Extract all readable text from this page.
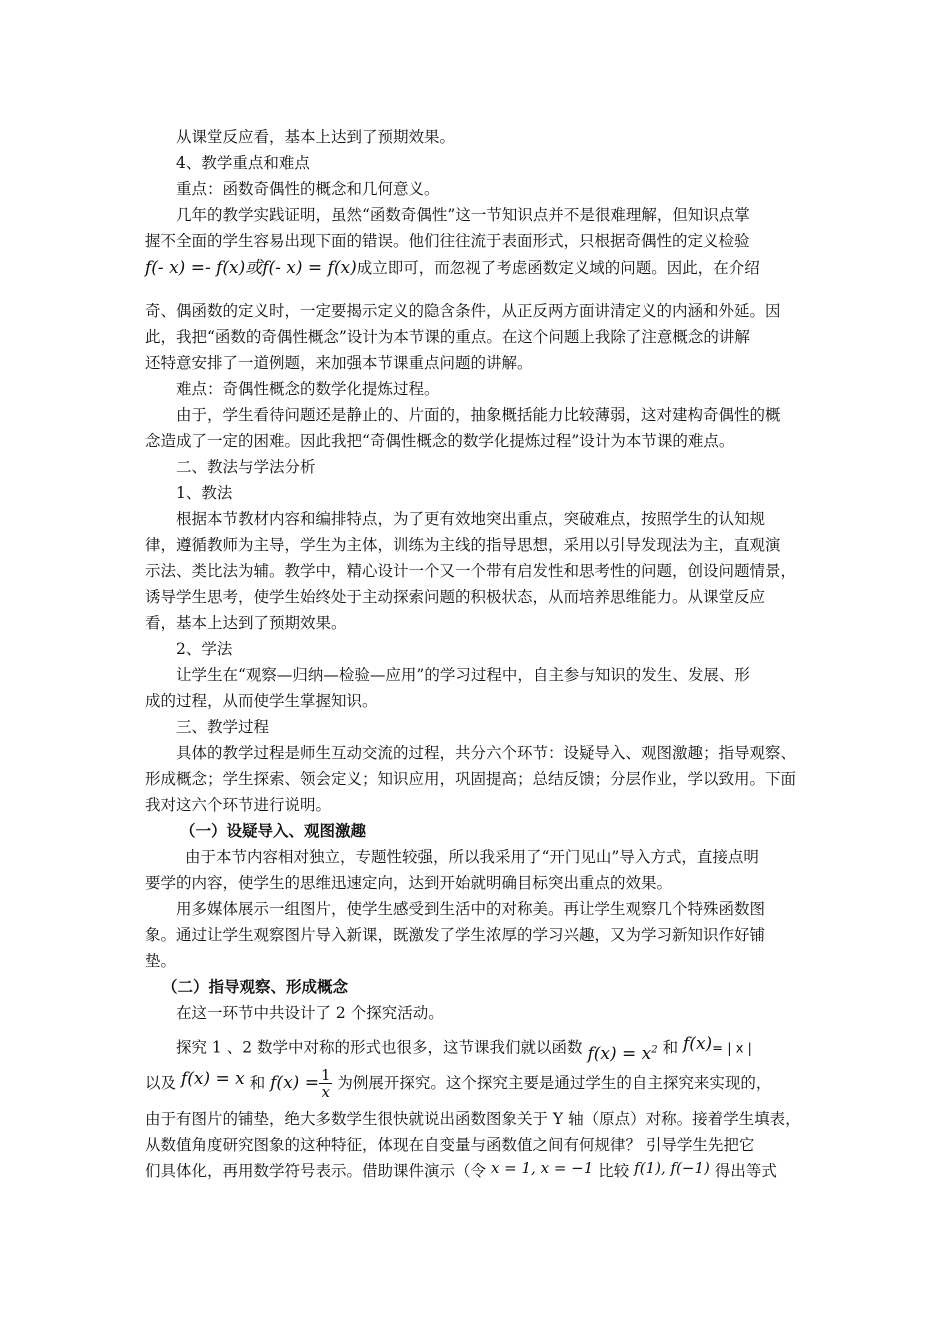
从课堂反应看，基本上达到了预期效果。

4、教学重点和难点

重点：函数奇偶性的概念和几何意义。

几年的教学实践证明，虽然“函数奇偶性”这一节知识点并不是很难理解，但知识点掌

握不全面的学生容易出现下面的错误。他们往往流于表面形式，只根据奇偶性的定义检验

f(- x) =- f(x)或f(- x) = f(x)成立即可，而忽视了考虑函数定义域的问题。因此，在介绍

奇、偶函数的定义时，一定要揭示定义的隐含条件，从正反两方面讲清定义的内涵和外延。因

此，我把“函数的奇偶性概念”设计为本节课的重点。在这个问题上我除了注意概念的讲解

还特意安排了一道例题，来加强本节课重点问题的讲解。

难点：奇偶性概念的数学化提炼过程。

由于，学生看待问题还是静止的、片面的，抽象概括能力比较薄弱，这对建构奇偶性的概

念造成了一定的困难。因此我把“奇偶性概念的数学化提炼过程”设计为本节课的难点。

二、教法与学法分析

1、教法

根据本节教材内容和编排特点，为了更有效地突出重点，突破难点，按照学生的认知规

律，遵循教师为主导，学生为主体，训练为主线的指导思想，采用以引导发现法为主，直观演

示法、类比法为辅。教学中，精心设计一个又一个带有启发性和思考性的问题，创设问题情景，

诱导学生思考，使学生始终处于主动探索问题的积极状态，从而培养思维能力。从课堂反应

看，基本上达到了预期效果。

2、学法

让学生在“观察—归纳—检验—应用”的学习过程中，自主参与知识的发生、发展、形

成的过程，从而使学生掌握知识。

三、教学过程

具体的教学过程是师生互动交流的过程，共分六个环节：设疑导入、观图激趣；指导观察、

形成概念；学生探索、领会定义；知识应用，巩固提高；总结反馈；分层作业，学以致用。下面

我对这六个环节进行说明。

（一）设疑导入、观图激趣

由于本节内容相对独立，专题性较强，所以我采用了“开门见山”导入方式，直接点明

要学的内容，使学生的思维迅速定向，达到开始就明确目标突出重点的效果。

用多媒体展示一组图片，使学生感受到生活中的对称美。再让学生观察几个特殊函数图

象。通过让学生观察图片导入新课，既激发了学生浓厚的学习兴趣，又为学习新知识作好铺

垫。

（二）指导观察、形成概念

在这一环节中共设计了 2 个探究活动。

探究 1 、2 数学中对称的形式也很多，这节课我们就以函数 $f(x) = x^2$ 和 f(x)= | x |

以及 f(x) = x 和 $f(x) = \frac{1}{x}$ 为例展开探究。这个探究主要是通过学生的自主探究来实现的，

由于有图片的铺垫，绝大多数学生很快就说出函数图象关于 Y 轴（原点）对称。接着学生填表，

从数值角度研究图象的这种特征，体现在自变量与函数值之间有何规律？ 引导学生先把它

们具体化，再用数学符号表示。借助课件演示（令 x = 1, x = −1 比较 f(1), f(−1) 得出等式
